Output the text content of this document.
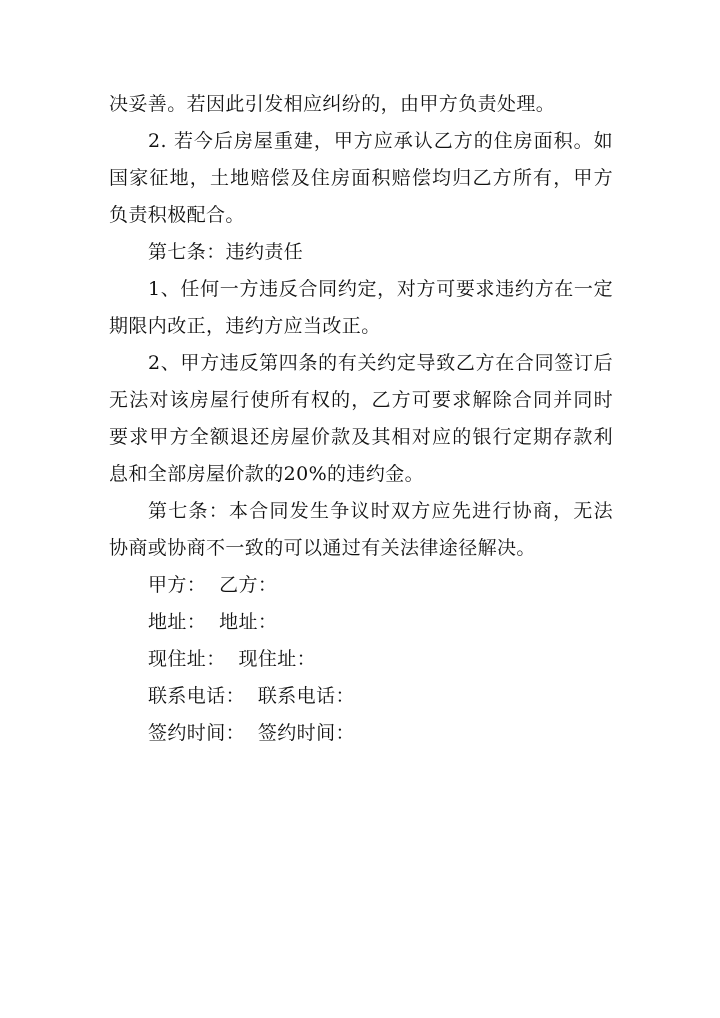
决妥善。若因此引发相应纠纷的，由甲方负责处理。

2. 若今后房屋重建，甲方应承认乙方的住房面积。如国家征地，土地赔偿及住房面积赔偿均归乙方所有，甲方负责积极配合。

第七条：违约责任

1、任何一方违反合同约定，对方可要求违约方在一定期限内改正，违约方应当改正。

2、甲方违反第四条的有关约定导致乙方在合同签订后无法对该房屋行使所有权的，乙方可要求解除合同并同时要求甲方全额退还房屋价款及其相对应的银行定期存款利息和全部房屋价款的20%的违约金。

第七条：本合同发生争议时双方应先进行协商，无法协商或协商不一致的可以通过有关法律途径解决。

甲方：  乙方：

地址：  地址：

现住址：  现住址：

联系电话：  联系电话：

签约时间：  签约时间：
